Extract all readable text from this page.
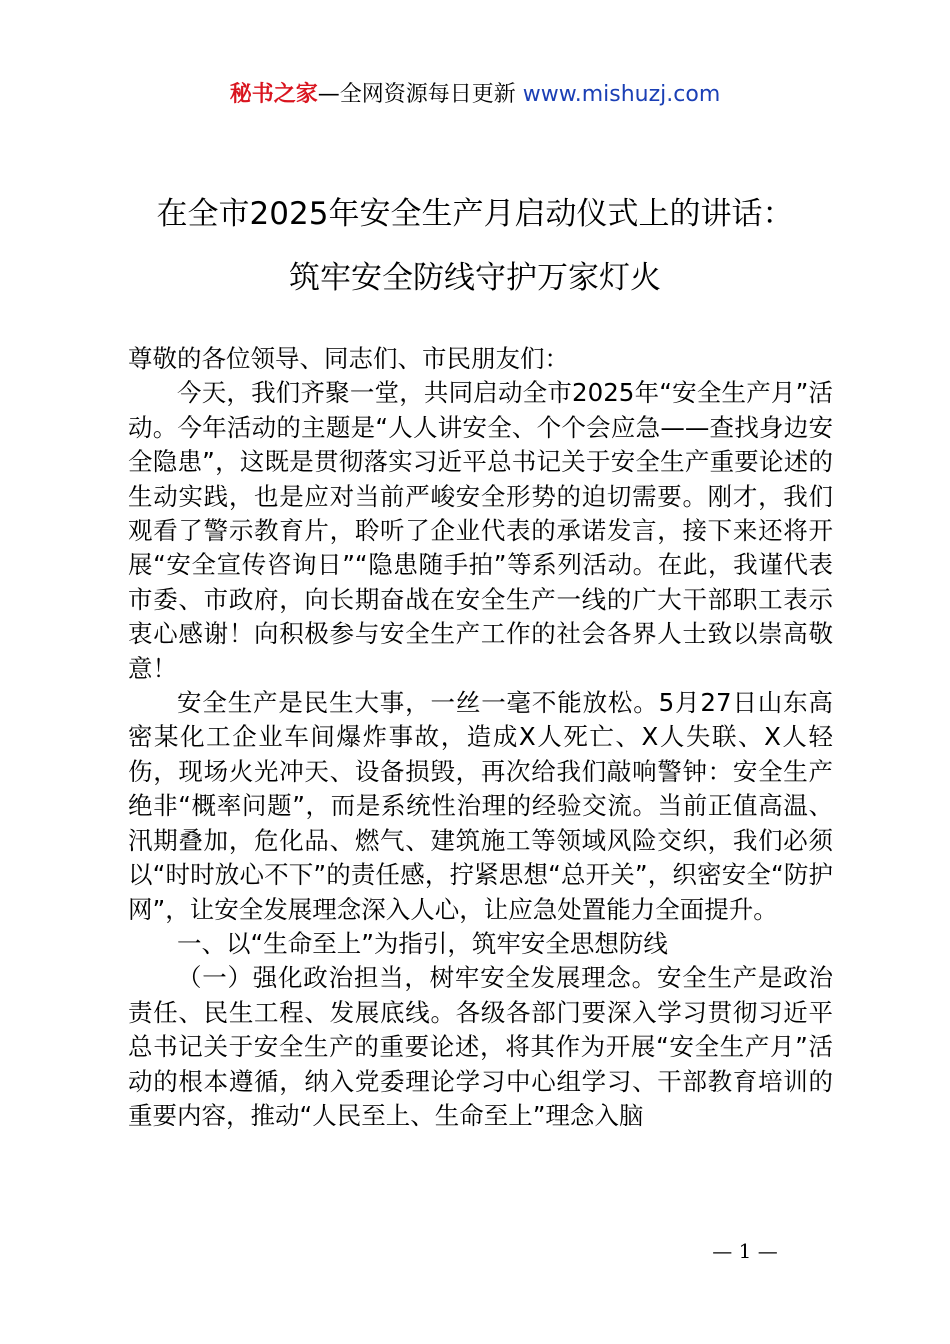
秘书之家—全网资源每日更新 www.mishuzj.com
在全市2025年安全生产月启动仪式上的讲话：
筑牢安全防线守护万家灯火

尊敬的各位领导、同志们、市民朋友们：

今天，我们齐聚一堂，共同启动全市2025年“安全生产月”活动。今年活动的主题是“人人讲安全、个个会应急——查找身边安全隐患”，这既是贯彻落实习近平总书记关于安全生产重要论述的生动实践，也是应对当前严峻安全形势的迫切需要。刚才，我们观看了警示教育片，聆听了企业代表的承诺发言，接下来还将开展“安全宣传咨询日”“隐患随手拍”等系列活动。在此，我谨代表市委、市政府，向长期奋战在安全生产一线的广大干部职工表示衷心感谢！向积极参与安全生产工作的社会各界人士致以崇高敬意！

安全生产是民生大事，一丝一毫不能放松。5月27日山东高密某化工企业车间爆炸事故，造成X人死亡、X人失联、X人轻伤，现场火光冲天、设备损毁，再次给我们敲响警钟：安全生产绝非“概率问题”，而是系统性治理的经验交流。当前正值高温、汛期叠加，危化品、燃气、建筑施工等领域风险交织，我们必须以“时时放心不下”的责任感，拧紧思想“总开关”，织密安全“防护网”，让安全发展理念深入人心，让应急处置能力全面提升。

一、以“生命至上”为指引，筑牢安全思想防线

（一）强化政治担当，树牢安全发展理念。安全生产是政治责任、民生工程、发展底线。各级各部门要深入学习贯彻习近平总书记关于安全生产的重要论述，将其作为开展“安全生产月”活动的根本遵循，纳入党委理论学习中心组学习、干部教育培训的重要内容，推动“人民至上、生命至上”理念入脑

— 1 —
